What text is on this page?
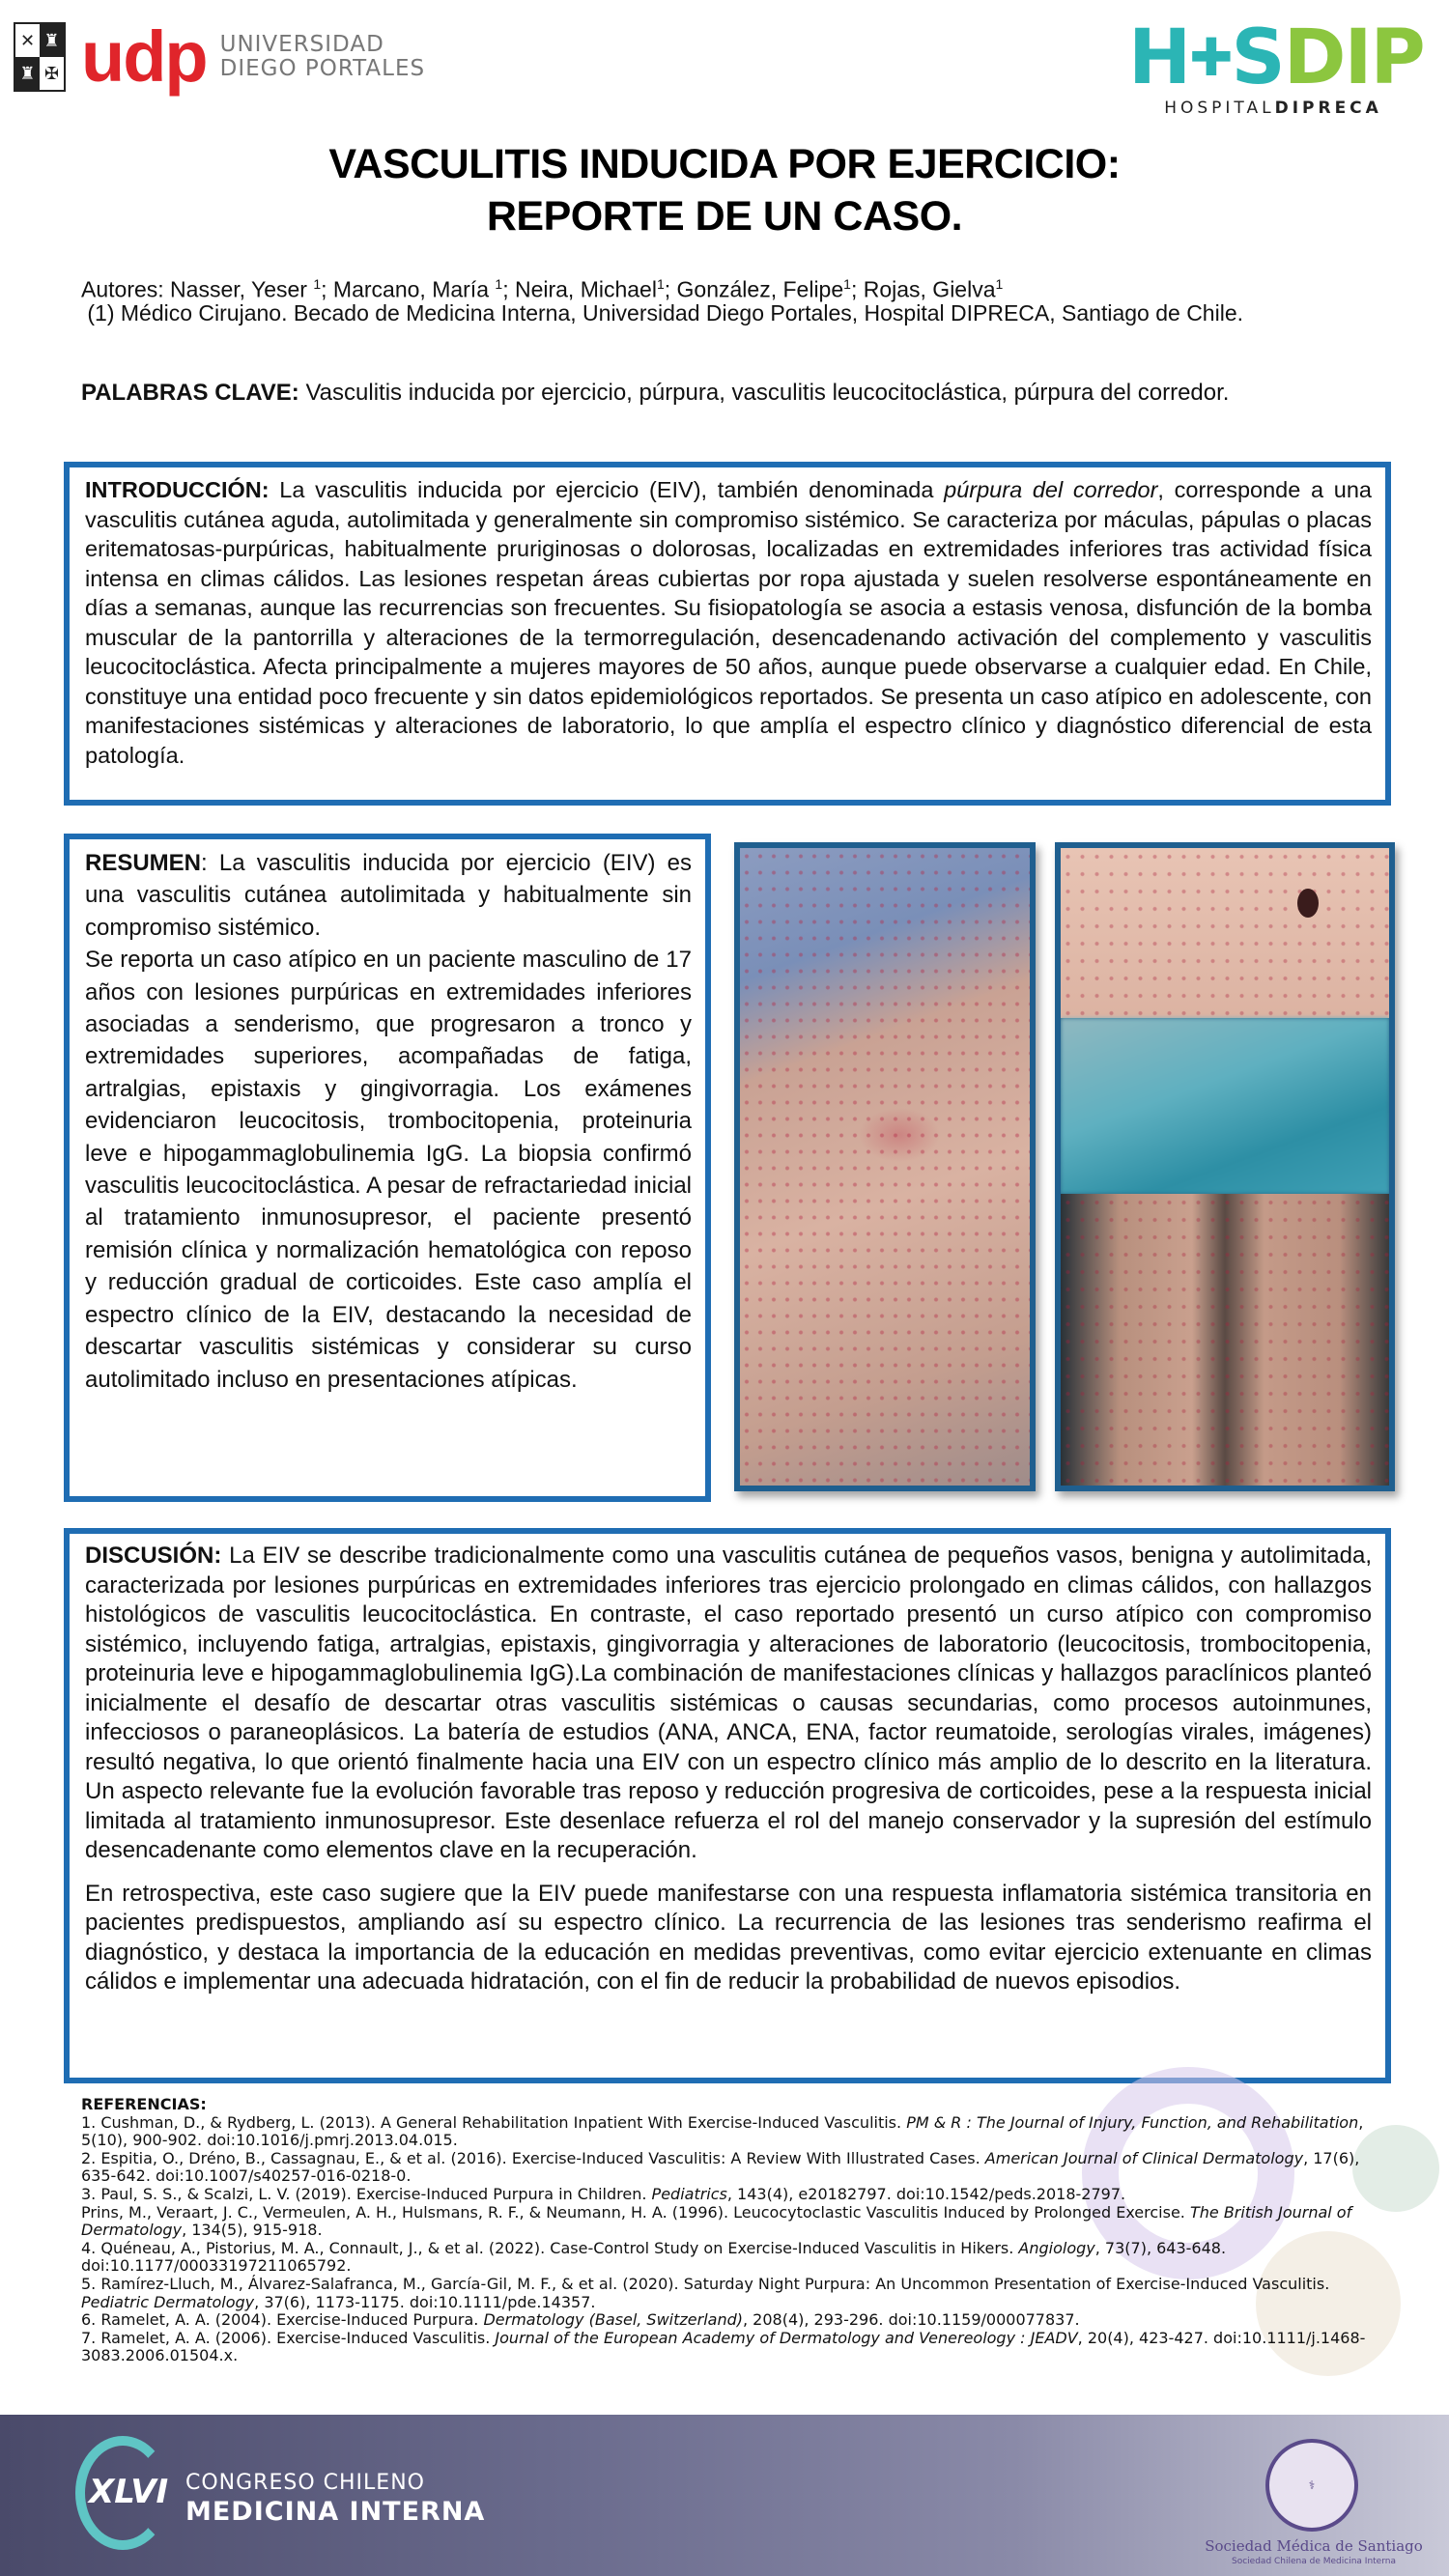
✕ ♜
♜ ✠ udp UNIVERSIDAD
DIEGO PORTALES	H✚SDIP
HOSPITALDIPRECA
VASCULITIS INDUCIDA POR EJERCICIO:
REPORTE DE UN CASO.
Autores: Nasser, Yeser $^1$; Marcano, María $^1$; Neira, Michael$^1$; González, Felipe$^1$; Rojas, Gielva$^1$
(1) Médico Cirujano. Becado de Medicina Interna, Universidad Diego Portales, Hospital DIPRECA, Santiago de Chile.
PALABRAS CLAVE: Vasculitis inducida por ejercicio, púrpura, vasculitis leucocitoclástica, púrpura del corredor.
INTRODUCCIÓN: La vasculitis inducida por ejercicio (EIV), también denominada púrpura del corredor, corresponde a una vasculitis cutánea aguda, autolimitada y generalmente sin compromiso sistémico. Se caracteriza por máculas, pápulas o placas eritematosas-purpúricas, habitualmente pruriginosas o dolorosas, localizadas en extremidades inferiores tras actividad física intensa en climas cálidos. Las lesiones respetan áreas cubiertas por ropa ajustada y suelen resolverse espontáneamente en días a semanas, aunque las recurrencias son frecuentes. Su fisiopatología se asocia a estasis venosa, disfunción de la bomba muscular de la pantorrilla y alteraciones de la termorregulación, desencadenando activación del complemento y vasculitis leucocitoclástica. Afecta principalmente a mujeres mayores de 50 años, aunque puede observarse a cualquier edad. En Chile, constituye una entidad poco frecuente y sin datos epidemiológicos reportados. Se presenta un caso atípico en adolescente, con manifestaciones sistémicas y alteraciones de laboratorio, lo que amplía el espectro clínico y diagnóstico diferencial de esta patología.
RESUMEN: La vasculitis inducida por ejercicio (EIV) es una vasculitis cutánea autolimitada y habitualmente sin compromiso sistémico.
Se reporta un caso atípico en un paciente masculino de 17 años con lesiones purpúricas en extremidades inferiores asociadas a senderismo, que progresaron a tronco y extremidades superiores, acompañadas de fatiga, artralgias, epistaxis y gingivorragia. Los exámenes evidenciaron leucocitosis, trombocitopenia, proteinuria leve e hipogammaglobulinemia IgG. La biopsia confirmó vasculitis leucocitoclástica. A pesar de refractariedad inicial al tratamiento inmunosupresor, el paciente presentó remisión clínica y normalización hematológica con reposo y reducción gradual de corticoides. Este caso amplía el espectro clínico de la EIV, destacando la necesidad de descartar vasculitis sistémicas y considerar su curso autolimitado incluso en presentaciones atípicas.
DISCUSIÓN: La EIV se describe tradicionalmente como una vasculitis cutánea de pequeños vasos, benigna y autolimitada, caracterizada por lesiones purpúricas en extremidades inferiores tras ejercicio prolongado en climas cálidos, con hallazgos histológicos de vasculitis leucocitoclástica. En contraste, el caso reportado presentó un curso atípico con compromiso sistémico, incluyendo fatiga, artralgias, epistaxis, gingivorragia y alteraciones de laboratorio (leucocitosis, trombocitopenia, proteinuria leve e hipogammaglobulinemia IgG).La combinación de manifestaciones clínicas y hallazgos paraclínicos planteó inicialmente el desafío de descartar otras vasculitis sistémicas o causas secundarias, como procesos autoinmunes, infecciosos o paraneoplásicos. La batería de estudios (ANA, ANCA, ENA, factor reumatoide, serologías virales, imágenes) resultó negativa, lo que orientó finalmente hacia una EIV con un espectro clínico más amplio de lo descrito en la literatura. Un aspecto relevante fue la evolución favorable tras reposo y reducción progresiva de corticoides, pese a la respuesta inicial limitada al tratamiento inmunosupresor. Este desenlace refuerza el rol del manejo conservador y la supresión del estímulo desencadenante como elementos clave en la recuperación.
En retrospectiva, este caso sugiere que la EIV puede manifestarse con una respuesta inflamatoria sistémica transitoria en pacientes predispuestos, ampliando así su espectro clínico. La recurrencia de las lesiones tras senderismo reafirma el diagnóstico, y destaca la importancia de la educación en medidas preventivas, como evitar ejercicio extenuante en climas cálidos e implementar una adecuada hidratación, con el fin de reducir la probabilidad de nuevos episodios.
REFERENCIAS:
1. Cushman, D., & Rydberg, L. (2013). A General Rehabilitation Inpatient With Exercise-Induced Vasculitis. PM & R : The Journal of Injury, Function, and Rehabilitation, 5(10), 900-902. doi:10.1016/j.pmrj.2013.04.015.
2. Espitia, O., Dréno, B., Cassagnau, E., & et al. (2016). Exercise-Induced Vasculitis: A Review With Illustrated Cases. American Journal of Clinical Dermatology, 17(6), 635-642. doi:10.1007/s40257-016-0218-0.
3. Paul, S. S., & Scalzi, L. V. (2019). Exercise-Induced Purpura in Children. Pediatrics, 143(4), e20182797. doi:10.1542/peds.2018-2797.
Prins, M., Veraart, J. C., Vermeulen, A. H., Hulsmans, R. F., & Neumann, H. A. (1996). Leucocytoclastic Vasculitis Induced by Prolonged Exercise. The British Journal of Dermatology, 134(5), 915-918.
4. Quéneau, A., Pistorius, M. A., Connault, J., & et al. (2022). Case-Control Study on Exercise-Induced Vasculitis in Hikers. Angiology, 73(7), 643-648. doi:10.1177/00033197211065792.
5. Ramírez-Lluch, M., Álvarez-Salafranca, M., García-Gil, M. F., & et al. (2020). Saturday Night Purpura: An Uncommon Presentation of Exercise-Induced Vasculitis. Pediatric Dermatology, 37(6), 1173-1175. doi:10.1111/pde.14357.
6. Ramelet, A. A. (2004). Exercise-Induced Purpura. Dermatology (Basel, Switzerland), 208(4), 293-296. doi:10.1159/000077837.
7. Ramelet, A. A. (2006). Exercise-Induced Vasculitis. Journal of the European Academy of Dermatology and Venereology : JEADV, 20(4), 423-427. doi:10.1111/j.1468-3083.2006.01504.x.
XLVI CONGRESO CHILENO
MEDICINA INTERNA
⚕
Sociedad Médica de Santiago
Sociedad Chilena de Medicina Interna
